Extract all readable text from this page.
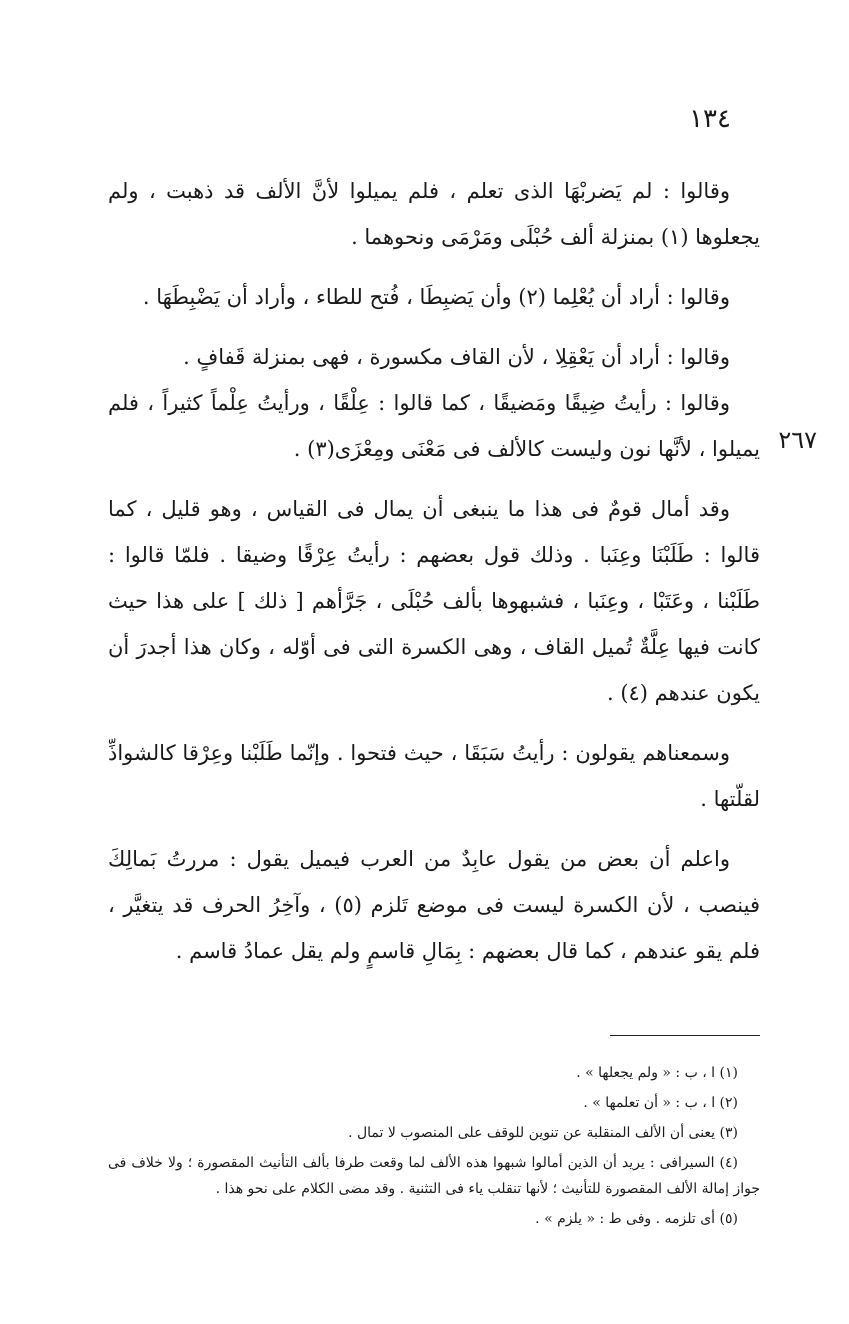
١٣٤
٢٦٧

وقالوا : لم يَضربْهَا الذى تعلم ، فلم يميلوا لأنَّ الألف قد ذهبت ، ولم يجعلوها (١) بمنزلة ألف حُبْلَى ومَرْمَى ونحوهما .

وقالوا : أراد أن يُعْلِما (٢) وأن يَضبِطَا ، فُتح للطاء ، وأراد أن يَضْبِطَهَا .

وقالوا : أراد أن يَعْقِلِا ، لأن القاف مكسورة ، فهى بمنزلة قَفافٍ .

وقالوا : رأيتُ ضِيقًا ومَضيقًا ، كما قالوا : عِلْقًا ، ورأيتُ عِلْماً كثيراً ، فلم يميلوا ، لأنَّها نون وليست كالألف فى مَعْنَى ومِعْزَى(٣) .

وقد أمال قومٌ فى هذا ما ينبغى أن يمال فى القياس ، وهو قليل ، كما قالوا : طَلَبْنَا وعِنَبا . وذلك قول بعضهم : رأيتُ عِرْقًا وضيقا . فلمّا قالوا : طَلَبْنا ، وعَتَبْا ، وعِنَبا ، فشبهوها بألف حُبْلَى ، جَرَّأهم [ ذلك ] على هذا حيث كانت فيها عِلَّةٌ تُميل القاف ، وهى الكسرة التى فى أوّله ، وكان هذا أجدرَ أن يكون عندهم (٤) .

وسمعناهم يقولون : رأيتُ سَبَقَا ، حيث فتحوا . وإنّما طَلَبْنا وعِرْقا كالشواذِّ لقلّتها .

واعلم أن بعض من يقول عابِدٌ من العرب فيميل يقول : مررتُ بَمالِكَ فينصب ، لأن الكسرة ليست فى موضع تَلزم (٥) ، وآخِرُ الحرف قد يتغيَّر ، فلم يقو عندهم ، كما قال بعضهم : بِمَالِ قاسمٍ ولم يقل عمادُ قاسم .

(١) ا ، ب : « ولم يجعلها » .

(٢) ا ، ب : « أن تعلمها » .

(٣) يعنى أن الألف المنقلبة عن تنوين للوقف على المنصوب لا تمال .

(٤) السيرافى : يريد أن الذين أمالوا شبهوا هذه الألف لما وقعت طرفا بألف التأنيث المقصورة ؛ ولا خلاف فى جواز إمالة الألف المقصورة للتأنيث ؛ لأنها تنقلب ياء فى التثنية . وقد مضى الكلام على نحو هذا .

(٥) أى تلزمه . وفى ط : « يلزم » .
